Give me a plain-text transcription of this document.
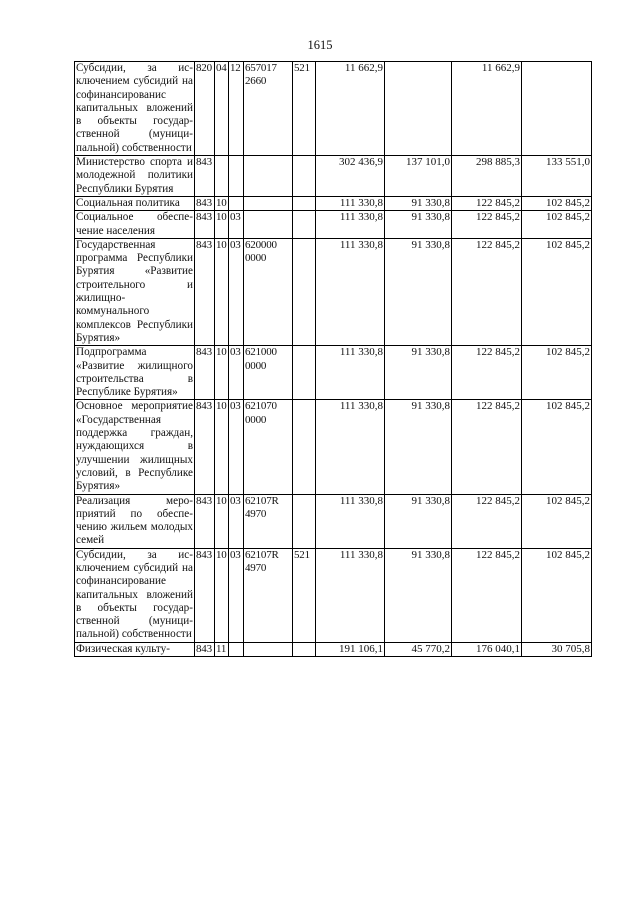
1615
Субсидии, за исключением субсидий на софинансированис капитальных вложений в объекты государственной (муниципальной) собственности	820	04	12	657017 2660	521	11 662,9		11 662,9	
Министерство спорта и молодежной политики Республики Бурятия	843					302 436,9	137 101,0	298 885,3	133 551,0
Социальная политика	843	10				111 330,8	91 330,8	122 845,2	102 845,2
Социальное обеспечение населения	843	10	03			111 330,8	91 330,8	122 845,2	102 845,2
Государственная программа Республики Бурятия «Развитие строительного и жилищно-коммунального комплексов Республики Бурятия»	843	10	03	620000 0000		111 330,8	91 330,8	122 845,2	102 845,2
Подпрограмма «Развитие жилищного строительства в Республике Бурятия»	843	10	03	621000 0000		111 330,8	91 330,8	122 845,2	102 845,2
Основное мероприятие «Государственная поддержка граждан, нуждающихся в улучшении жилищных условий, в Республике Бурятия»	843	10	03	621070 0000		111 330,8	91 330,8	122 845,2	102 845,2
Реализация мероприятий по обеспечению жильем молодых семей	843	10	03	62107R 4970		111 330,8	91 330,8	122 845,2	102 845,2
Субсидии, за исключением субсидий на софинансирование капитальных вложений в объекты государственной (муниципальной) собственности	843	10	03	62107R 4970	521	111 330,8	91 330,8	122 845,2	102 845,2
Физическая культу-	843	11				191 106,1	45 770,2	176 040,1	30 705,8
